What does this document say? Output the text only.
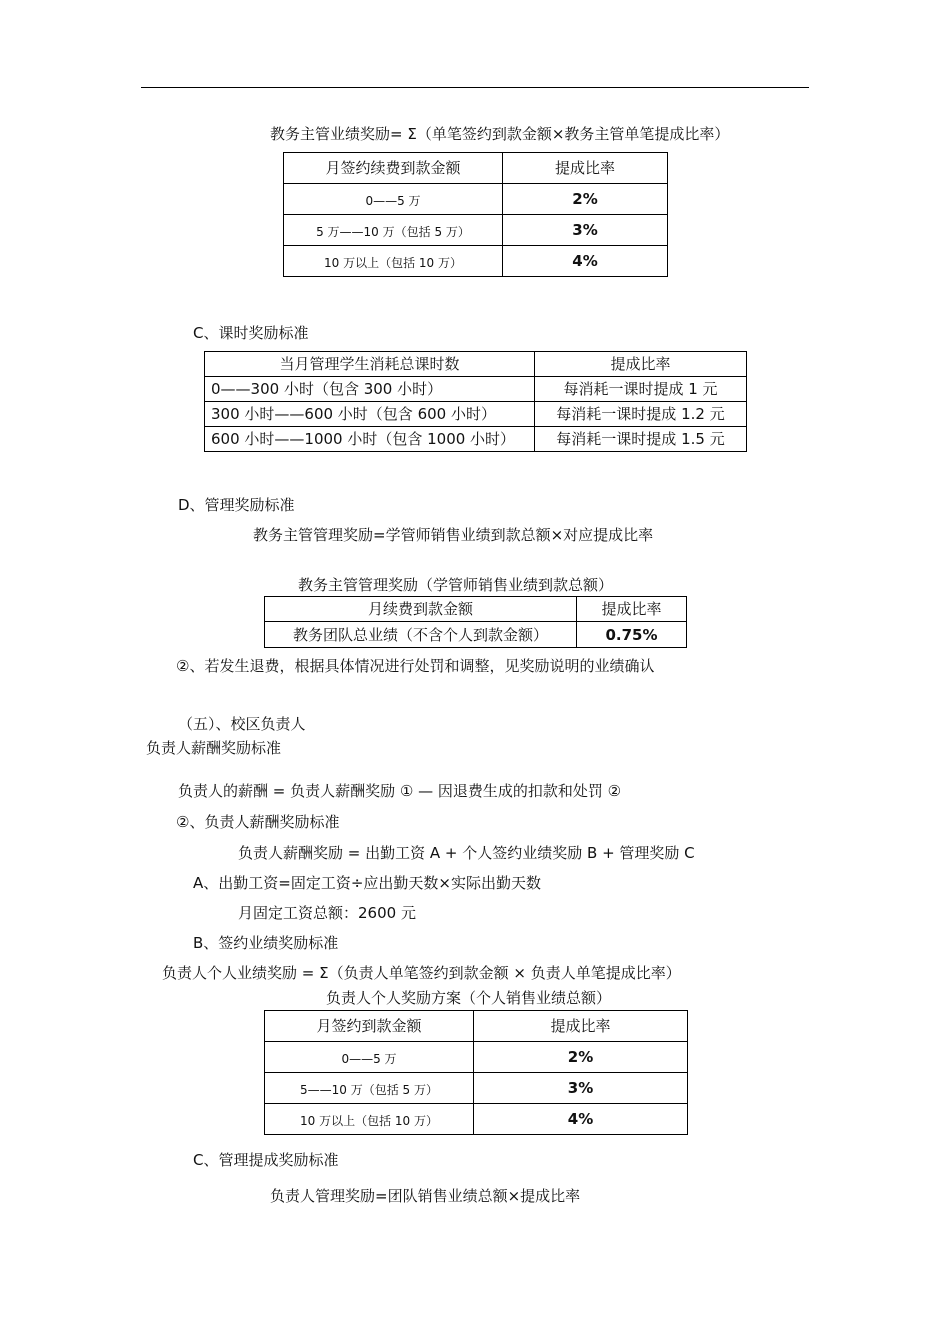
教务主管业绩奖励= Σ（单笔签约到款金额×教务主管单笔提成比率）
月签约续费到款金额	提成比率
0——5 万	2%
5 万——10 万（包括 5 万）	3%
10 万以上（包括 10 万）	4%
C、课时奖励标准
当月管理学生消耗总课时数	提成比率
0——300 小时（包含 300 小时）	每消耗一课时提成 1 元
300 小时——600 小时（包含 600 小时）	每消耗一课时提成 1.2 元
600 小时——1000 小时（包含 1000 小时）	每消耗一课时提成 1.5 元
D、管理奖励标准
教务主管管理奖励=学管师销售业绩到款总额×对应提成比率
教务主管管理奖励（学管师销售业绩到款总额）
月续费到款金额	提成比率
教务团队总业绩（不含个人到款金额）	0.75%
②、若发生退费，根据具体情况进行处罚和调整，见奖励说明的业绩确认
（五）、校区负责人
负责人薪酬奖励标准
负责人的薪酬 = 负责人薪酬奖励 ① — 因退费生成的扣款和处罚 ②
②、负责人薪酬奖励标准
负责人薪酬奖励 = 出勤工资 A + 个人签约业绩奖励 B + 管理奖励 C
A、出勤工资=固定工资÷应出勤天数×实际出勤天数
月固定工资总额：2600 元
B、签约业绩奖励标准
负责人个人业绩奖励 = Σ（负责人单笔签约到款金额 × 负责人单笔提成比率）
负责人个人奖励方案（个人销售业绩总额）
月签约到款金额	提成比率
0——5 万	2%
5——10 万（包括 5 万）	3%
10 万以上（包括 10 万）	4%
C、管理提成奖励标准
负责人管理奖励=团队销售业绩总额×提成比率
